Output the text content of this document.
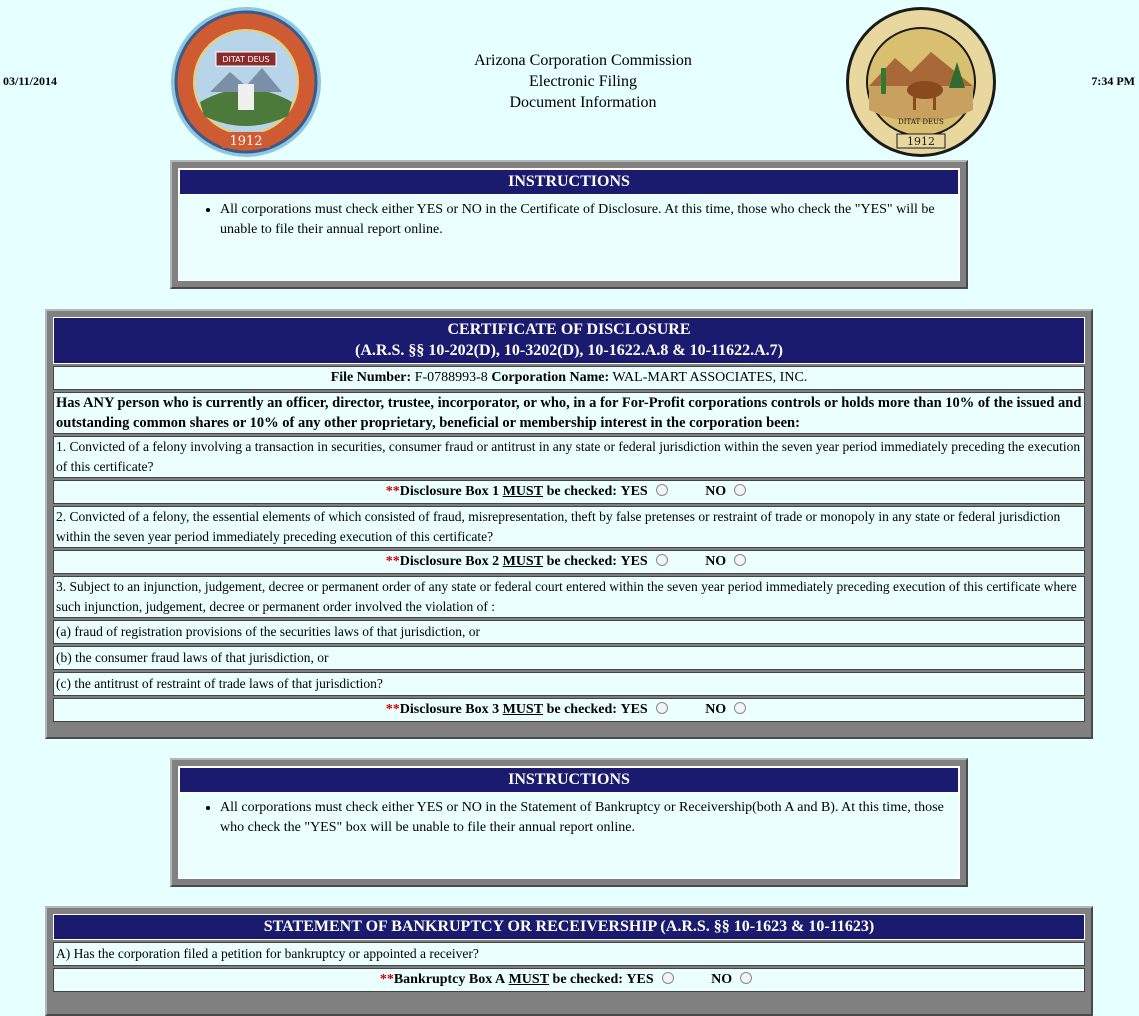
03/11/2014	7:34 PM
DITAT DEUS
1912
Arizona Corporation Commission
Electronic Filing
Document Information
DITAT DEUS
1912
INSTRUCTIONS
• All corporations must check either YES or NO in the Certificate of Disclosure. At this time, those who check the "YES" will be unable to file their annual report online.
CERTIFICATE OF DISCLOSURE
(A.R.S. §§ 10-202(D), 10-3202(D), 10-1622.A.8 & 10-11622.A.7)
File Number: F-0788993-8 Corporation Name: WAL-MART ASSOCIATES, INC.
Has ANY person who is currently an officer, director, trustee, incorporator, or who, in a for For-Profit corporations controls or holds more than 10% of the issued and outstanding common shares or 10% of any other proprietary, beneficial or membership interest in the corporation been:
1. Convicted of a felony involving a transaction in securities, consumer fraud or antitrust in any state or federal jurisdiction within the seven year period immediately preceding the execution of this certificate?
**Disclosure Box 1 MUST be checked: YES	NO
2. Convicted of a felony, the essential elements of which consisted of fraud, misrepresentation, theft by false pretenses or restraint of trade or monopoly in any state or federal jurisdiction within the seven year period immediately preceding execution of this certificate?
**Disclosure Box 2 MUST be checked: YES	NO
3. Subject to an injunction, judgement, decree or permanent order of any state or federal court entered within the seven year period immediately preceding execution of this certificate where such injunction, judgement, decree or permanent order involved the violation of :
(a) fraud of registration provisions of the securities laws of that jurisdiction, or
(b) the consumer fraud laws of that jurisdiction, or
(c) the antitrust of restraint of trade laws of that jurisdiction?
**Disclosure Box 3 MUST be checked: YES	NO
INSTRUCTIONS
• All corporations must check either YES or NO in the Statement of Bankruptcy or Receivership(both A and B). At this time, those who check the "YES" box will be unable to file their annual report online.
STATEMENT OF BANKRUPTCY OR RECEIVERSHIP (A.R.S. §§ 10-1623 & 10-11623)
A) Has the corporation filed a petition for bankruptcy or appointed a receiver?
**Bankruptcy Box A MUST be checked: YES	NO
